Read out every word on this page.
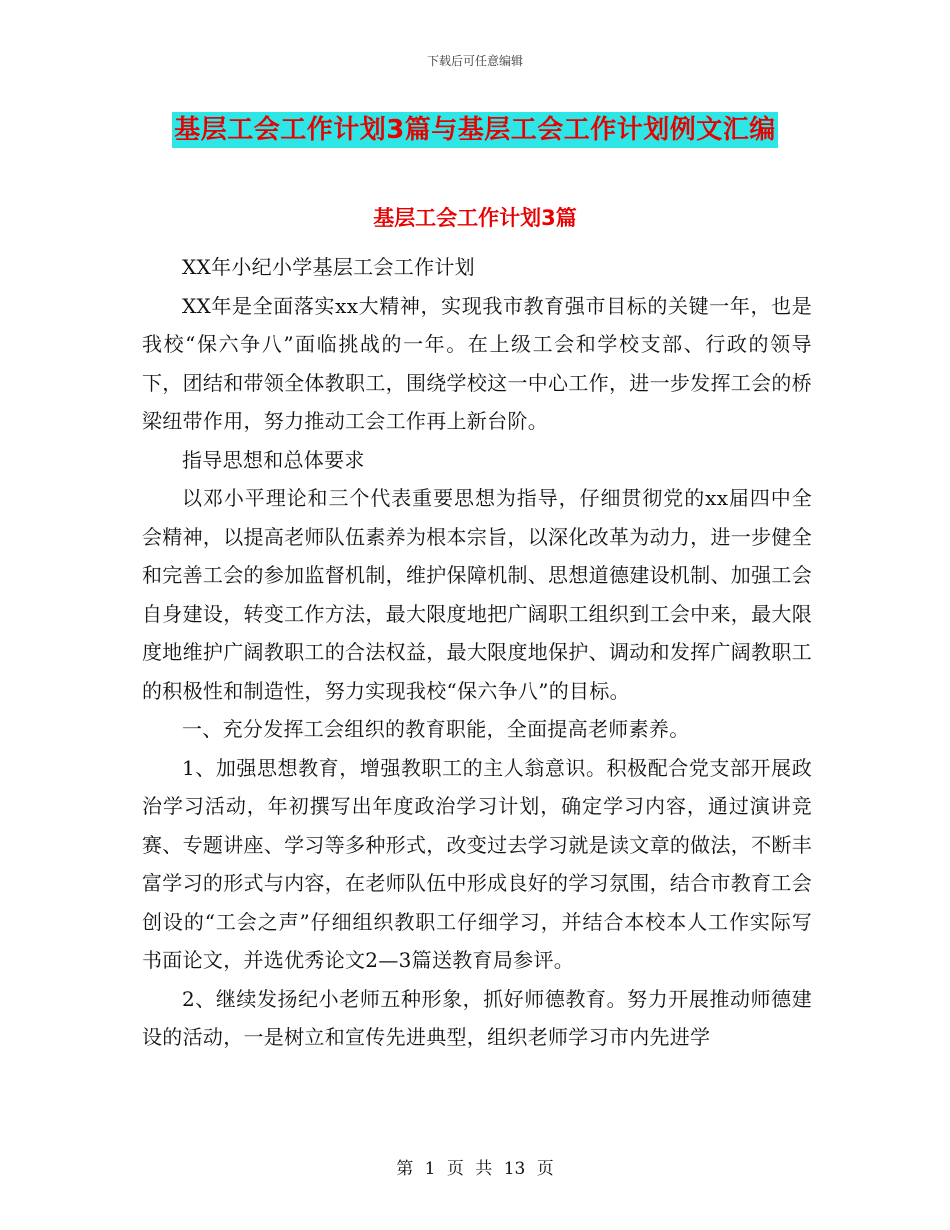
下载后可任意编辑
基层工会工作计划3篇与基层工会工作计划例文汇编
基层工会工作计划3篇

XX年小纪小学基层工会工作计划

XX年是全面落实xx大精神，实现我市教育强市目标的关键一年，也是我校“保六争八”面临挑战的一年。在上级工会和学校支部、行政的领导下，团结和带领全体教职工，围绕学校这一中心工作，进一步发挥工会的桥梁纽带作用，努力推动工会工作再上新台阶。

指导思想和总体要求

以邓小平理论和三个代表重要思想为指导，仔细贯彻党的xx届四中全会精神，以提高老师队伍素养为根本宗旨，以深化改革为动力，进一步健全和完善工会的参加监督机制，维护保障机制、思想道德建设机制、加强工会自身建设，转变工作方法，最大限度地把广阔职工组织到工会中来，最大限度地维护广阔教职工的合法权益，最大限度地保护、调动和发挥广阔教职工的积极性和制造性，努力实现我校“保六争八”的目标。

一、充分发挥工会组织的教育职能，全面提高老师素养。

1、加强思想教育，增强教职工的主人翁意识。积极配合党支部开展政治学习活动，年初撰写出年度政治学习计划，确定学习内容，通过演讲竞赛、专题讲座、学习等多种形式，改变过去学习就是读文章的做法，不断丰富学习的形式与内容，在老师队伍中形成良好的学习氛围，结合市教育工会创设的“工会之声”仔细组织教职工仔细学习，并结合本校本人工作实际写书面论文，并选优秀论文2—3篇送教育局参评。

2、继续发扬纪小老师五种形象，抓好师德教育。努力开展推动师德建设的活动，一是树立和宣传先进典型，组织老师学习市内先进学

第 1 页 共 13 页
